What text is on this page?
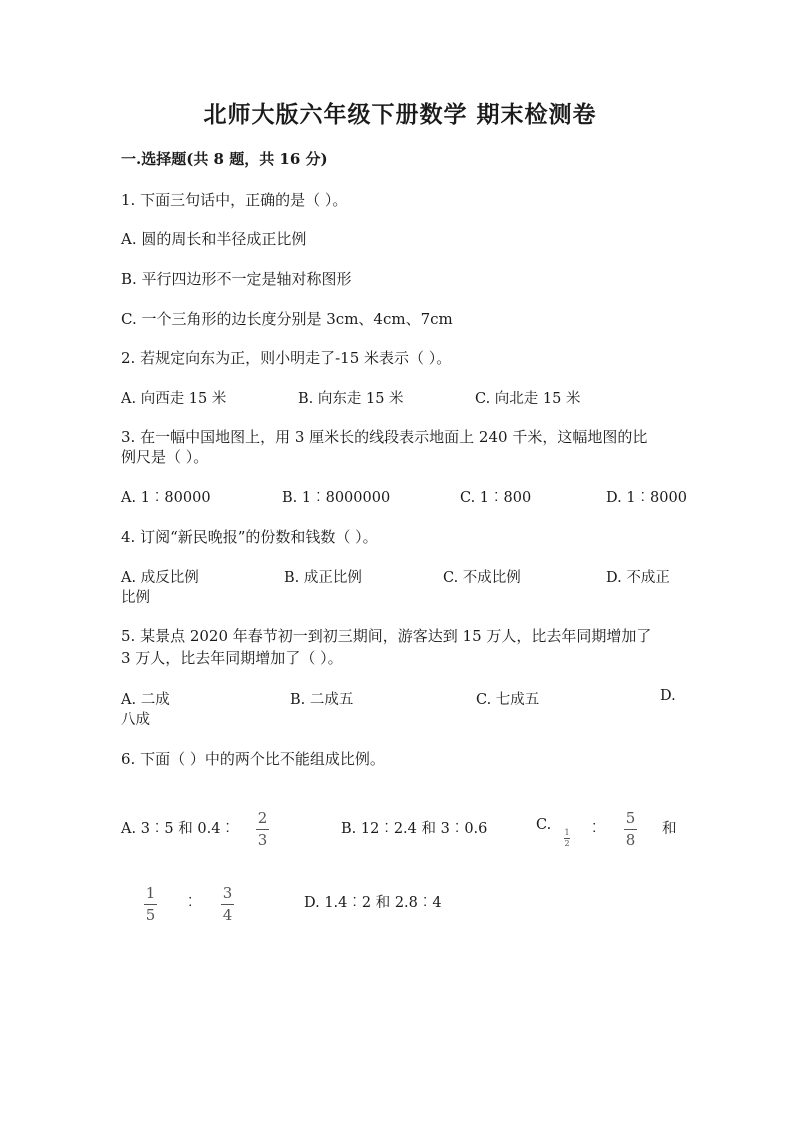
北师大版六年级下册数学 期末检测卷
一.选择题(共 8 题，共 16 分)
1. 下面三句话中，正确的是（ ）。
A. 圆的周长和半径成正比例
B. 平行四边形不一定是轴对称图形
C. 一个三角形的边长度分别是 3cm、4cm、7cm
2. 若规定向东为正，则小明走了-15 米表示（ ）。
A. 向西走 15 米	B. 向东走 15 米	C. 向北走 15 米
3. 在一幅中国地图上，用 3 厘米长的线段表示地面上 240 千米，这幅地图的比
例尺是（ ）。
A. 1︰80000	B. 1︰8000000	C. 1︰800	D. 1︰8000
4. 订阅“新民晚报”的份数和钱数（ ）。
A. 成反比例	B. 成正比例	C. 不成比例	D. 不成正
比例
5. 某景点 2020 年春节初一到初三期间，游客达到 15 万人，比去年同期增加了
3 万人，比去年同期增加了（ ）。
A. 二成	B. 二成五	C. 七成五	D.
八成
6. 下面（ ）中的两个比不能组成比例。
A. 3︰5 和 0.4︰
2
3
B. 12︰2.4 和 3︰0.6	C. 1
2
︰
5
8
和
1
5
︰
3
4
D. 1.4︰2 和 2.8︰4
